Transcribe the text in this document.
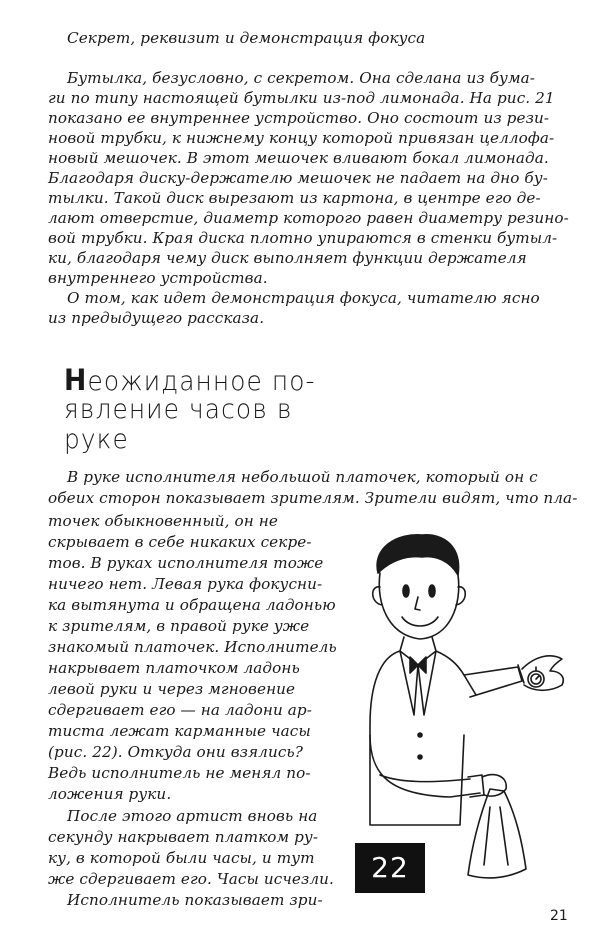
Секрет, реквизит и демонстрация фокуса
Бутылка, безусловно, с секретом. Она сделана из бума-
ги по типу настоящей бутылки из-под лимонада. На рис. 21
показано ее внутреннее устройство. Оно состоит из рези-
новой трубки, к нижнему концу которой привязан целлофа-
новый мешочек. В этот мешочек вливают бокал лимонада.
Благодаря диску-держателю мешочек не падает на дно бу-
тылки. Такой диск вырезают из картона, в центре его де-
лают отверстие, диаметр которого равен диаметру резино-
вой трубки. Края диска плотно упираются в стенки бутыл-
ки, благодаря чему диск выполняет функции держателя
внутреннего устройства.
О том, как идет демонстрация фокуса, читателю ясно
из предыдущего рассказа.
Неожиданное по-
явление часов в
руке
В руке исполнителя небольшой платочек, который он с
обеих сторон показывает зрителям. Зрители видят, что пла-
точек обыкновенный, он не
скрывает в себе никаких секре-
тов. В руках исполнителя тоже
ничего нет. Левая рука фокусни-
ка вытянута и обращена ладонью
к зрителям, в правой руке уже
знакомый платочек. Исполнитель
накрывает платочком ладонь
левой руки и через мгновение
сдергивает его — на ладони ар-
тиста лежат карманные часы
(рис. 22). Откуда они взялись?
Ведь исполнитель не менял по-
ложения руки.
После этого артист вновь на
секунду накрывает платком ру-
ку, в которой были часы, и тут
же сдергивает его. Часы исчезли.
Исполнитель показывает зри-
22
21
